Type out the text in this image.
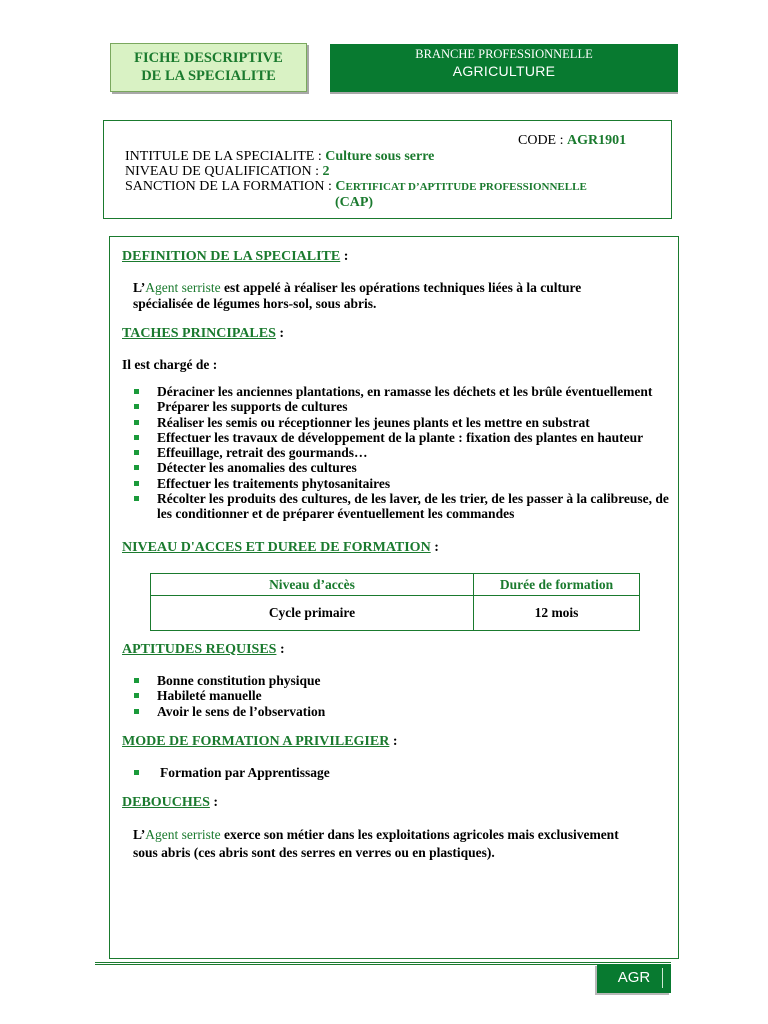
FICHE DESCRIPTIVE
DE LA SPECIALITE
BRANCHE PROFESSIONNELLE
AGRICULTURE
CODE : AGR1901
INTITULE DE LA SPECIALITE : Culture sous serre
NIVEAU DE QUALIFICATION : 2
SANCTION DE LA FORMATION : CERTIFICAT D’APTITUDE PROFESSIONNELLE
(CAP)
DEFINITION DE LA SPECIALITE :
L’Agent serriste est appelé à réaliser les opérations techniques liées à la culture
spécialisée de légumes hors-sol, sous abris.
TACHES PRINCIPALES :
Il est chargé de :
Déraciner les anciennes plantations, en ramasse les déchets et les brûle éventuellement
Préparer les supports de cultures
Réaliser les semis ou réceptionner les jeunes plants et les mettre en substrat
Effectuer les travaux de développement de la plante : fixation des plantes en hauteur
Effeuillage, retrait des gourmands…
Détecter les anomalies des cultures
Effectuer les traitements phytosanitaires
Récolter les produits des cultures, de les laver, de les trier, de les passer à la calibreuse, de les conditionner et de préparer éventuellement les commandes
NIVEAU D'ACCES ET DUREE DE FORMATION :
Niveau d’accès	Durée de formation
Cycle primaire	12 mois
APTITUDES REQUISES :
Bonne constitution physique
Habileté manuelle
Avoir le sens de l’observation
MODE DE FORMATION A PRIVILEGIER :
Formation par Apprentissage
DEBOUCHES :
L’Agent serriste exerce son métier dans les exploitations agricoles mais exclusivement
sous abris (ces abris sont des serres en verres ou en plastiques).
AGR
